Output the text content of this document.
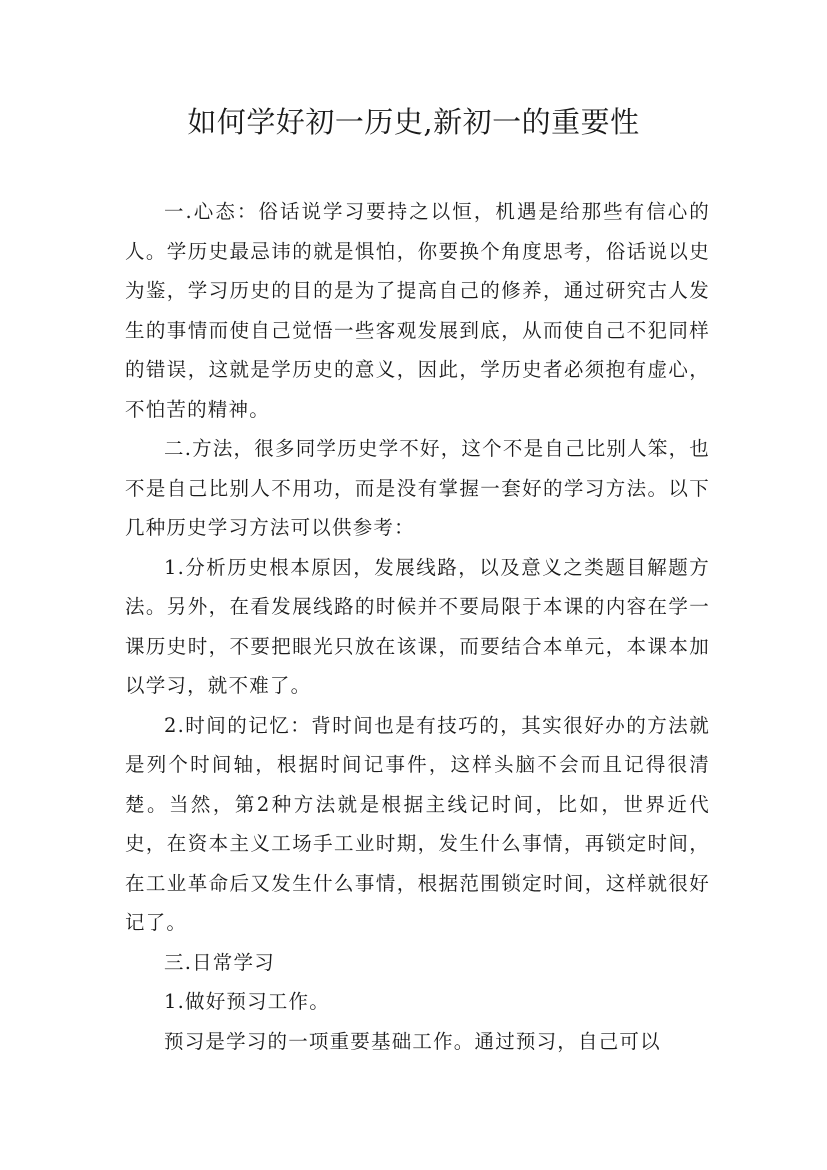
如何学好初一历史,新初一的重要性

一.心态：俗话说学习要持之以恒，机遇是给那些有信心的人。学历史最忌讳的就是惧怕，你要换个角度思考，俗话说以史为鉴，学习历史的目的是为了提高自己的修养，通过研究古人发生的事情而使自己觉悟一些客观发展到底，从而使自己不犯同样的错误，这就是学历史的意义，因此，学历史者必须抱有虚心，不怕苦的精神。

二.方法，很多同学历史学不好，这个不是自己比别人笨，也不是自己比别人不用功，而是没有掌握一套好的学习方法。以下几种历史学习方法可以供参考：

1.分析历史根本原因，发展线路，以及意义之类题目解题方法。另外，在看发展线路的时候并不要局限于本课的内容在学一课历史时，不要把眼光只放在该课，而要结合本单元，本课本加以学习，就不难了。

2.时间的记忆：背时间也是有技巧的，其实很好办的方法就是列个时间轴，根据时间记事件，这样头脑不会而且记得很清楚。当然，第2种方法就是根据主线记时间，比如，世界近代史，在资本主义工场手工业时期，发生什么事情，再锁定时间，在工业革命后又发生什么事情，根据范围锁定时间，这样就很好记了。

三.日常学习

1.做好预习工作。

预习是学习的一项重要基础工作。通过预习，自己可以
